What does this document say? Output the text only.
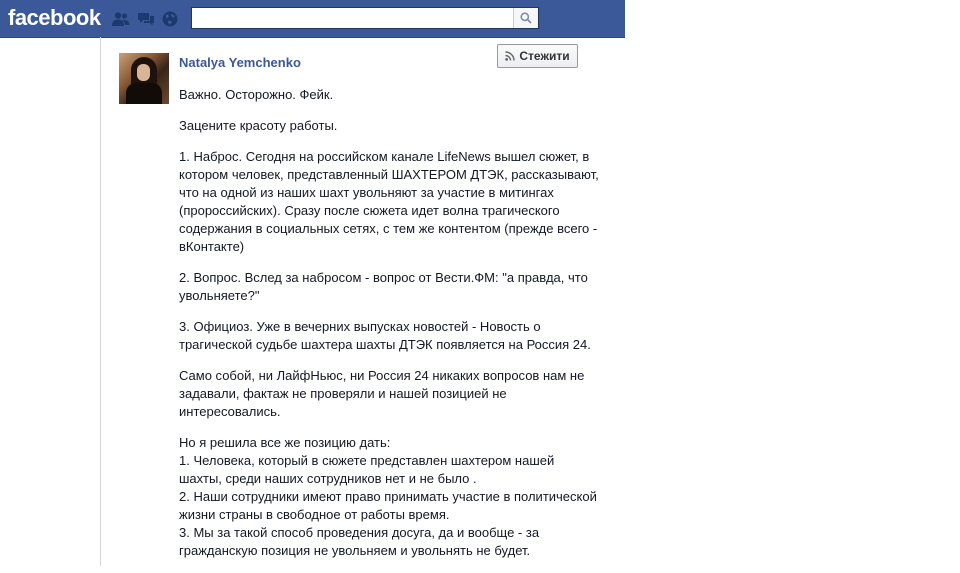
facebook
Natalya Yemchenko	Стежити

Важно. Осторожно. Фейк.

Зацените красоту работы.

1. Наброс. Сегодня на российском канале LifeNews вышел сюжет, в котором человек, представленный ШАХТЕРОМ ДТЭК, рассказывают, что на одной из наших шахт увольняют за участие в митингах (пророссийских). Сразу после сюжета идет волна трагического содержания в социальных сетях, с тем же контентом (прежде всего - вКонтакте)

2. Вопрос. Вслед за набросом - вопрос от Вести.ФМ: "а правда, что увольняете?"

3. Официоз. Уже в вечерних выпусках новостей - Новость о трагической судьбе шахтера шахты ДТЭК появляется на Россия 24.

Само собой, ни ЛайфНьюс, ни Россия 24 никаких вопросов нам не задавали, фактаж не проверяли и нашей позицией не интересовались.

Но я решила все же позицию дать:
1. Человека, который в сюжете представлен шахтером нашей шахты, среди наших сотрудников нет и не было .
2. Наши сотрудники имеют право принимать участие в политической жизни страны в свободное от работы время.
3. Мы за такой способ проведения досуга, да и вообще - за гражданскую позиция не увольняем и увольнять не будет.
